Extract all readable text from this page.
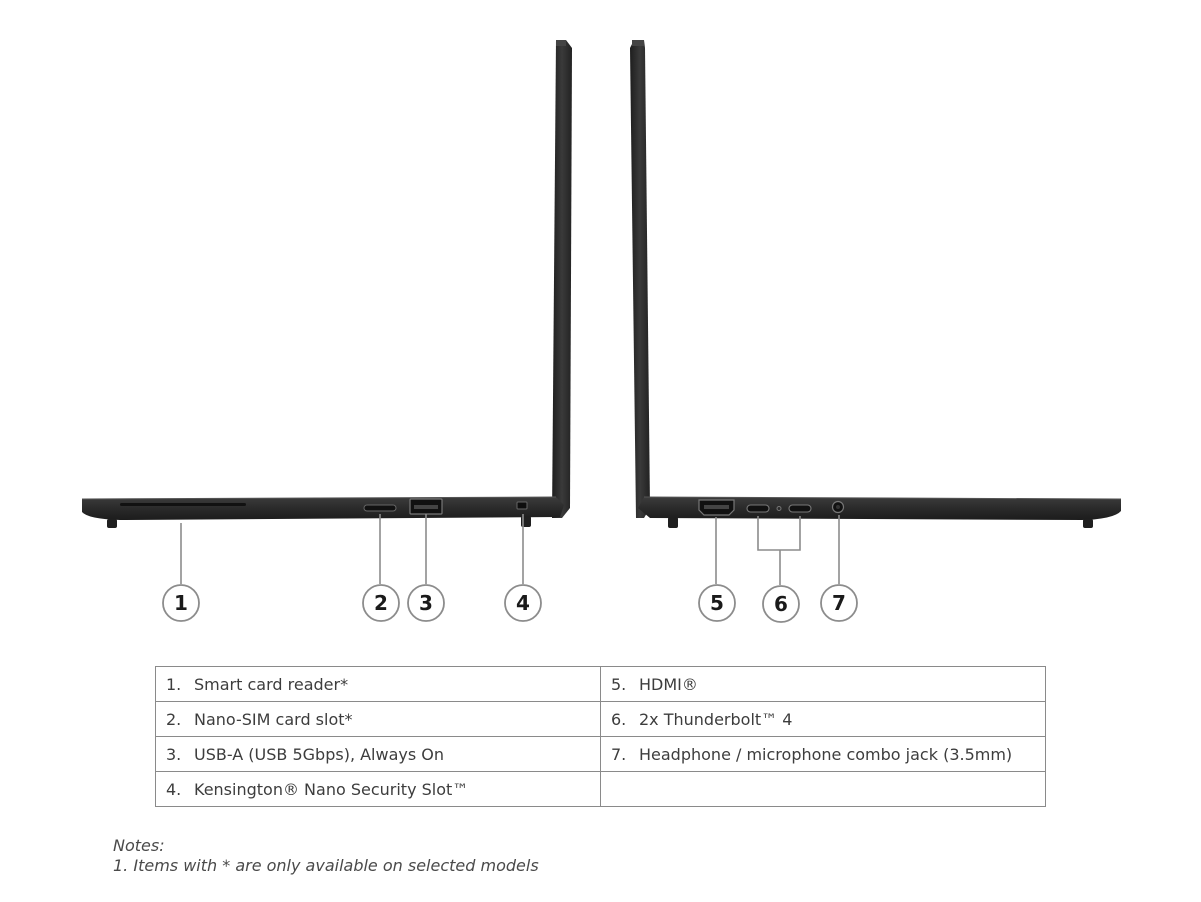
1	2 3	4	5	6 7
1. Smart card reader*	5. HDMI®
2. Nano-SIM card slot*	6. 2x Thunderbolt™ 4
3. USB-A (USB 5Gbps), Always On	7. Headphone / microphone combo jack (3.5mm)
4. Kensington® Nano Security Slot™	
Notes:
1. Items with * are only available on selected models
